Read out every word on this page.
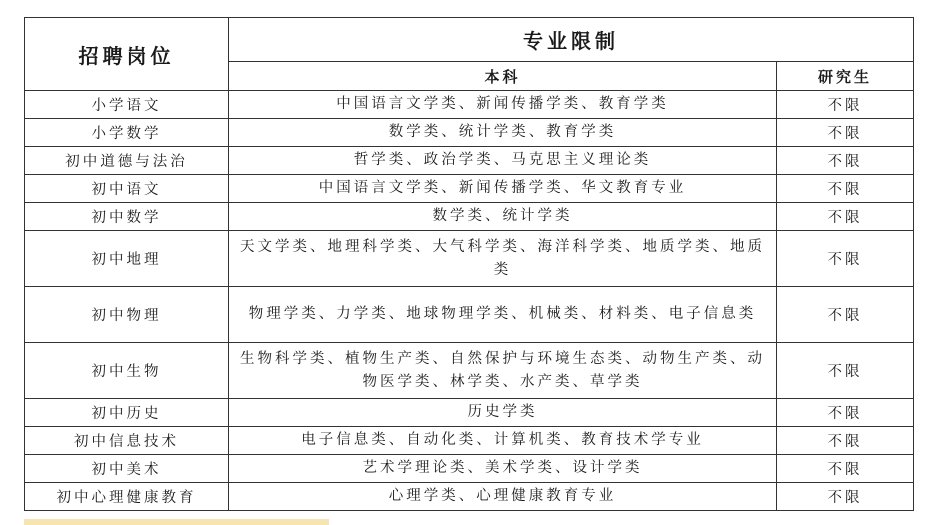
招聘岗位	专业限制	
	本科	研究生
小学语文	中国语言文学类、新闻传播学类、教育学类	不限
小学数学	数学类、统计学类、教育学类	不限
初中道德与法治	哲学类、政治学类、马克思主义理论类	不限
初中语文	中国语言文学类、新闻传播学类、华文教育专业	不限
初中数学	数学类、统计学类	不限
初中地理	天文学类、地理科学类、大气科学类、海洋科学类、地质学类、地质类	不限
初中物理	物理学类、力学类、地球物理学类、机械类、材料类、电子信息类	不限
初中生物	生物科学类、植物生产类、自然保护与环境生态类、动物生产类、动物医学类、林学类、水产类、草学类	不限
初中历史	历史学类	不限
初中信息技术	电子信息类、自动化类、计算机类、教育技术学专业	不限
初中美术	艺术学理论类、美术学类、设计学类	不限
初中心理健康教育	心理学类、心理健康教育专业	不限
